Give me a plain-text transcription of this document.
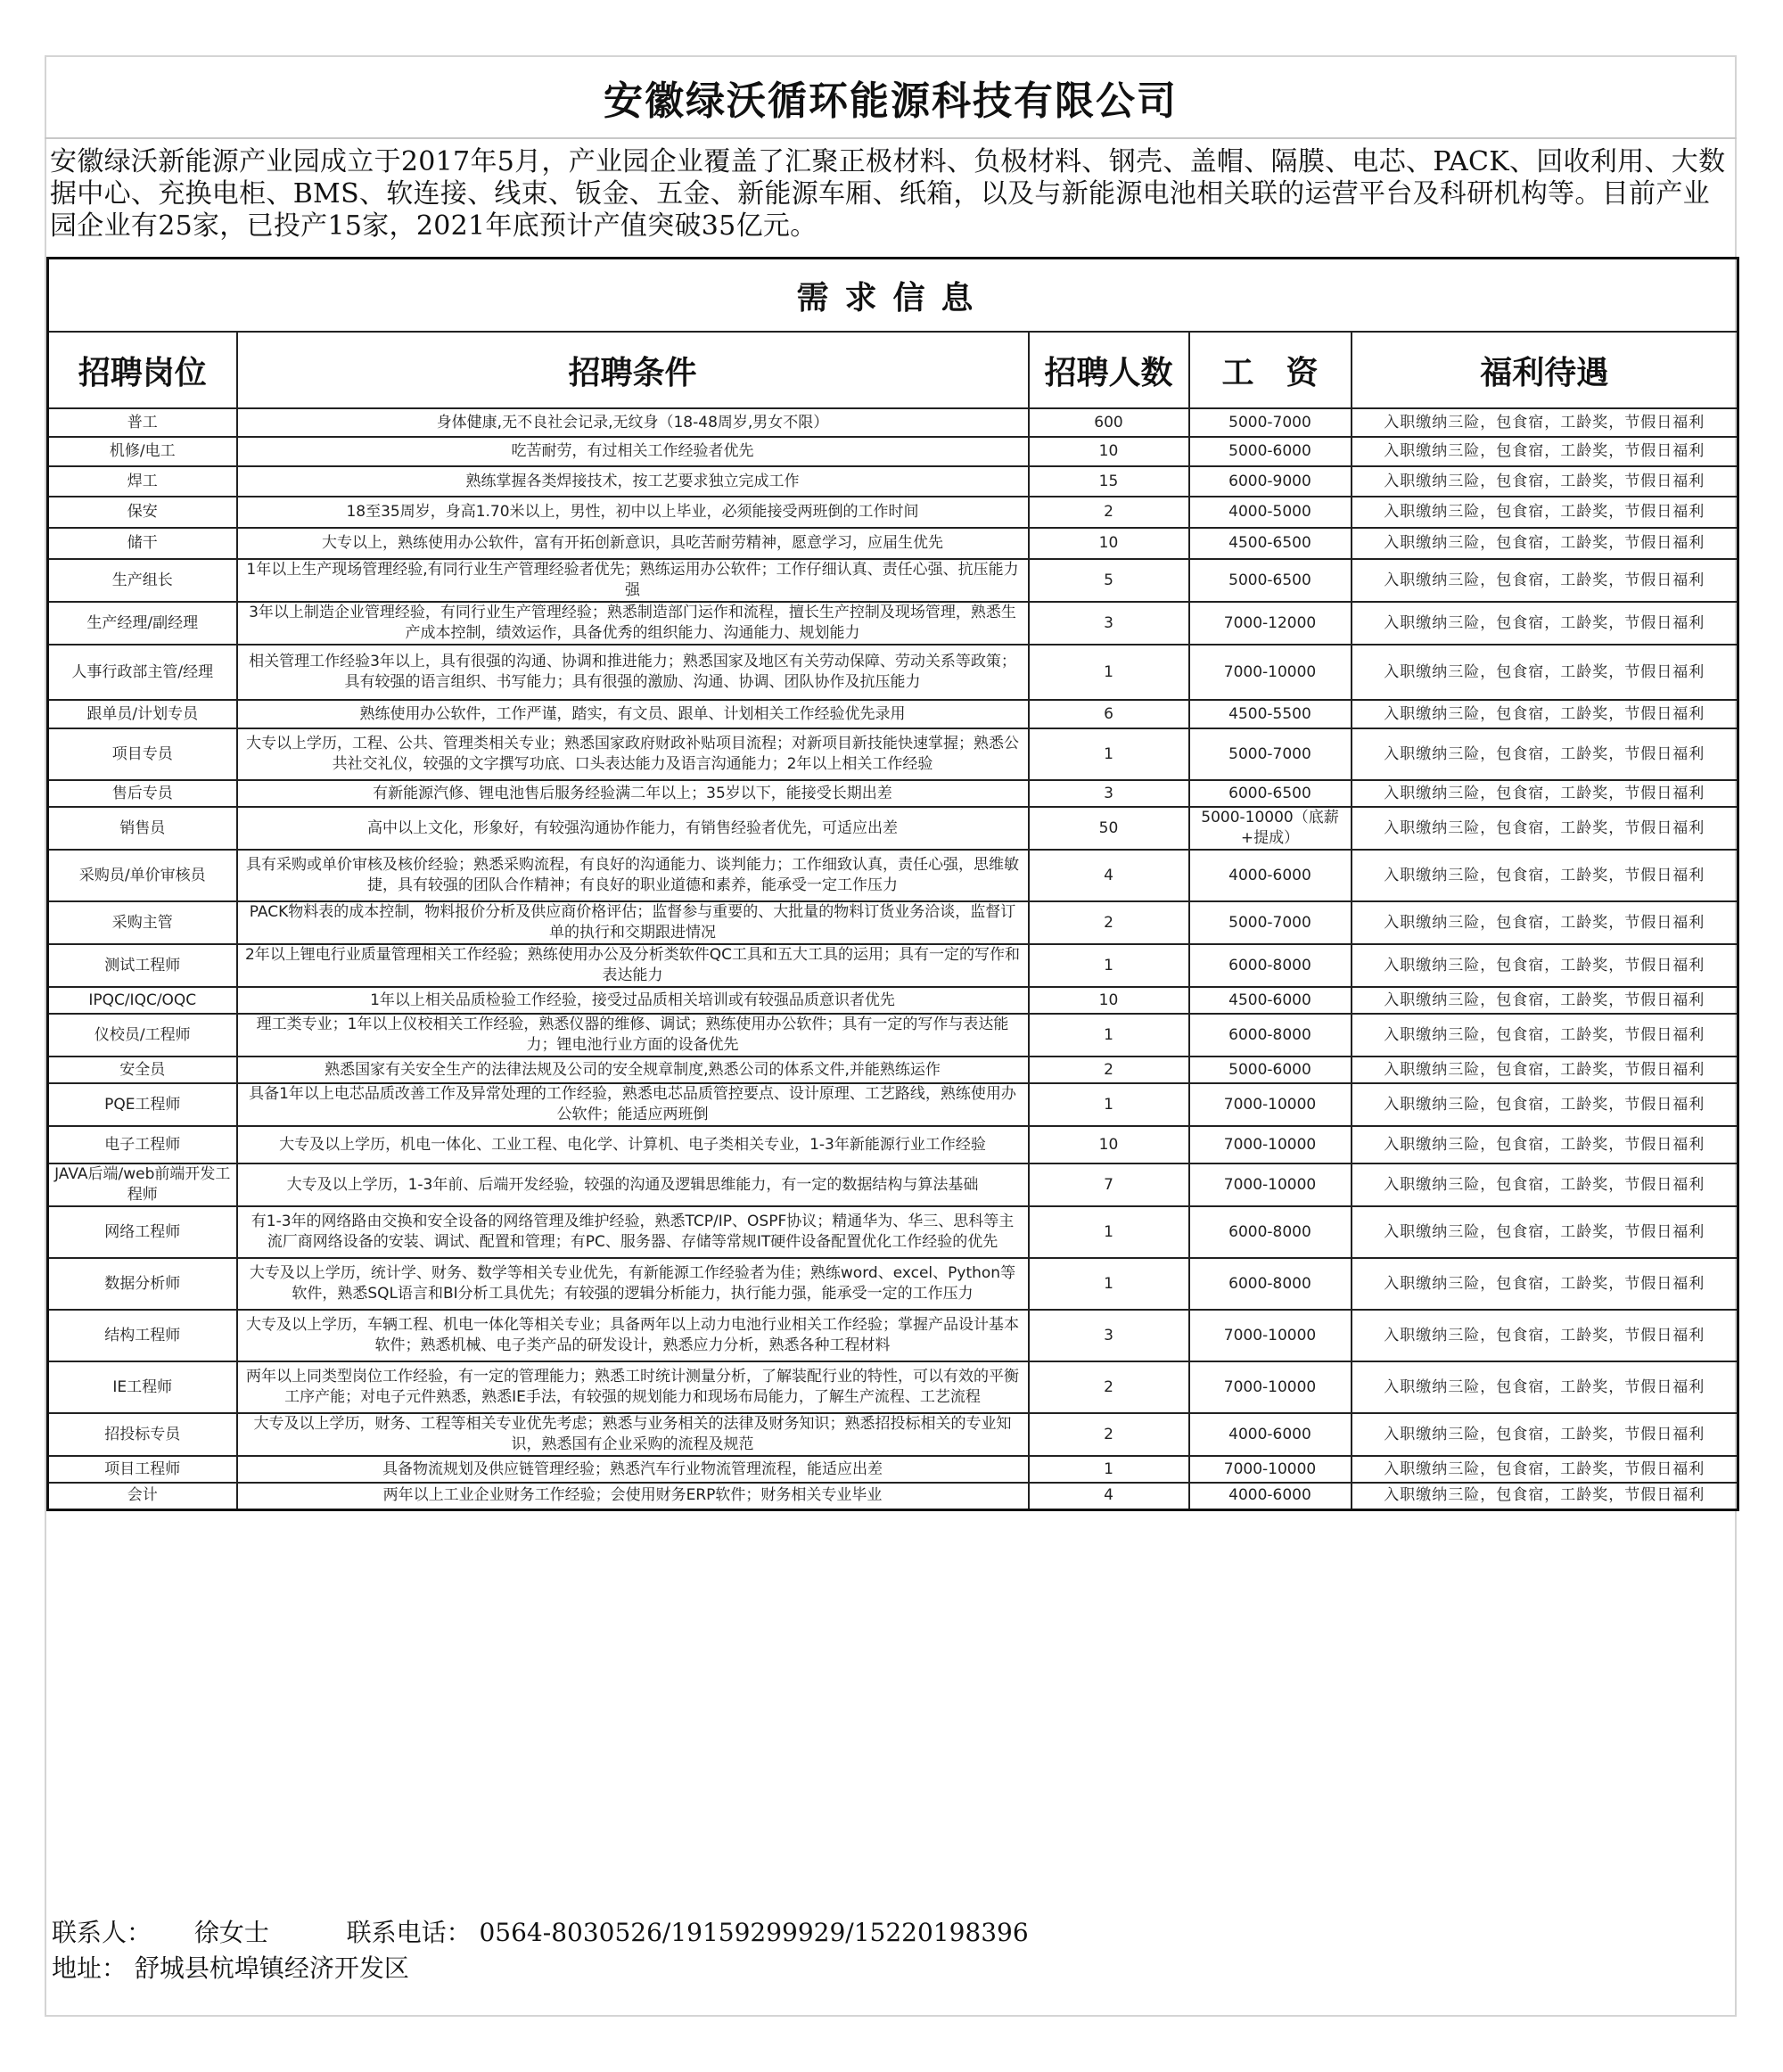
安徽绿沃循环能源科技有限公司
安徽绿沃新能源产业园成立于2017年5月，产业园企业覆盖了汇聚正极材料、负极材料、钢壳、盖帽、隔膜、电芯、PACK、回收利用、大数据中心、充换电柜、BMS、软连接、线束、钣金、五金、新能源车厢、纸箱，以及与新能源电池相关联的运营平台及科研机构等。目前产业园企业有25家，已投产15家，2021年底预计产值突破35亿元。
需求信息				
招聘岗位	招聘条件	招聘人数	工　资	福利待遇
普工	身体健康,无不良社会记录,无纹身（18-48周岁,男女不限）	600	5000-7000	入职缴纳三险，包食宿，工龄奖，节假日福利
机修/电工	吃苦耐劳，有过相关工作经验者优先	10	5000-6000	入职缴纳三险，包食宿，工龄奖，节假日福利
焊工	熟练掌握各类焊接技术，按工艺要求独立完成工作	15	6000-9000	入职缴纳三险，包食宿，工龄奖，节假日福利
保安	18至35周岁，身高1.70米以上，男性，初中以上毕业，必须能接受两班倒的工作时间	2	4000-5000	入职缴纳三险，包食宿，工龄奖，节假日福利
储干	大专以上，熟练使用办公软件，富有开拓创新意识，具吃苦耐劳精神，愿意学习，应届生优先	10	4500-6500	入职缴纳三险，包食宿，工龄奖，节假日福利
生产组长	1年以上生产现场管理经验,有同行业生产管理经验者优先；熟练运用办公软件；工作仔细认真、责任心强、抗压能力强	5	5000-6500	入职缴纳三险，包食宿，工龄奖，节假日福利
生产经理/副经理	3年以上制造企业管理经验，有同行业生产管理经验；熟悉制造部门运作和流程，擅长生产控制及现场管理，熟悉生产成本控制，绩效运作，具备优秀的组织能力、沟通能力、规划能力	3	7000-12000	入职缴纳三险，包食宿，工龄奖，节假日福利
人事行政部主管/经理	相关管理工作经验3年以上，具有很强的沟通、协调和推进能力；熟悉国家及地区有关劳动保障、劳动关系等政策；具有较强的语言组织、书写能力；具有很强的激励、沟通、协调、团队协作及抗压能力	1	7000-10000	入职缴纳三险，包食宿，工龄奖，节假日福利
跟单员/计划专员	熟练使用办公软件，工作严谨，踏实，有文员、跟单、计划相关工作经验优先录用	6	4500-5500	入职缴纳三险，包食宿，工龄奖，节假日福利
项目专员	大专以上学历，工程、公共、管理类相关专业；熟悉国家政府财政补贴项目流程；对新项目新技能快速掌握；熟悉公共社交礼仪，较强的文字撰写功底、口头表达能力及语言沟通能力；2年以上相关工作经验	1	5000-7000	入职缴纳三险，包食宿，工龄奖，节假日福利
售后专员	有新能源汽修、锂电池售后服务经验满二年以上；35岁以下，能接受长期出差	3	6000-6500	入职缴纳三险，包食宿，工龄奖，节假日福利
销售员	高中以上文化，形象好，有较强沟通协作能力，有销售经验者优先，可适应出差	50	5000-10000（底薪+提成）	入职缴纳三险，包食宿，工龄奖，节假日福利
采购员/单价审核员	具有采购或单价审核及核价经验；熟悉采购流程，有良好的沟通能力、谈判能力；工作细致认真，责任心强，思维敏捷，具有较强的团队合作精神；有良好的职业道德和素养，能承受一定工作压力	4	4000-6000	入职缴纳三险，包食宿，工龄奖，节假日福利
采购主管	PACK物料表的成本控制，物料报价分析及供应商价格评估；监督参与重要的、大批量的物料订货业务洽谈，监督订单的执行和交期跟进情况	2	5000-7000	入职缴纳三险，包食宿，工龄奖，节假日福利
测试工程师	2年以上锂电行业质量管理相关工作经验；熟练使用办公及分析类软件QC工具和五大工具的运用；具有一定的写作和表达能力	1	6000-8000	入职缴纳三险，包食宿，工龄奖，节假日福利
IPQC/IQC/OQC	1年以上相关品质检验工作经验，接受过品质相关培训或有较强品质意识者优先	10	4500-6000	入职缴纳三险，包食宿，工龄奖，节假日福利
仪校员/工程师	理工类专业；1年以上仪校相关工作经验，熟悉仪器的维修、调试；熟练使用办公软件；具有一定的写作与表达能力；锂电池行业方面的设备优先	1	6000-8000	入职缴纳三险，包食宿，工龄奖，节假日福利
安全员	熟悉国家有关安全生产的法律法规及公司的安全规章制度,熟悉公司的体系文件,并能熟练运作	2	5000-6000	入职缴纳三险，包食宿，工龄奖，节假日福利
PQE工程师	具备1年以上电芯品质改善工作及异常处理的工作经验，熟悉电芯品质管控要点、设计原理、工艺路线，熟练使用办公软件；能适应两班倒	1	7000-10000	入职缴纳三险，包食宿，工龄奖，节假日福利
电子工程师	大专及以上学历，机电一体化、工业工程、电化学、计算机、电子类相关专业，1-3年新能源行业工作经验	10	7000-10000	入职缴纳三险，包食宿，工龄奖，节假日福利
JAVA后端/web前端开发工程师	大专及以上学历，1-3年前、后端开发经验，较强的沟通及逻辑思维能力，有一定的数据结构与算法基础	7	7000-10000	入职缴纳三险，包食宿，工龄奖，节假日福利
网络工程师	有1-3年的网络路由交换和安全设备的网络管理及维护经验，熟悉TCP/IP、OSPF协议；精通华为、华三、思科等主流厂商网络设备的安装、调试、配置和管理；有PC、服务器、存储等常规IT硬件设备配置优化工作经验的优先	1	6000-8000	入职缴纳三险，包食宿，工龄奖，节假日福利
数据分析师	大专及以上学历，统计学、财务、数学等相关专业优先，有新能源工作经验者为佳；熟练word、excel、Python等软件，熟悉SQL语言和BI分析工具优先；有较强的逻辑分析能力，执行能力强，能承受一定的工作压力	1	6000-8000	入职缴纳三险，包食宿，工龄奖，节假日福利
结构工程师	大专及以上学历，车辆工程、机电一体化等相关专业；具备两年以上动力电池行业相关工作经验；掌握产品设计基本软件；熟悉机械、电子类产品的研发设计，熟悉应力分析，熟悉各种工程材料	3	7000-10000	入职缴纳三险，包食宿，工龄奖，节假日福利
IE工程师	两年以上同类型岗位工作经验，有一定的管理能力；熟悉工时统计测量分析，了解装配行业的特性，可以有效的平衡工序产能；对电子元件熟悉，熟悉IE手法，有较强的规划能力和现场布局能力，了解生产流程、工艺流程	2	7000-10000	入职缴纳三险，包食宿，工龄奖，节假日福利
招投标专员	大专及以上学历，财务、工程等相关专业优先考虑；熟悉与业务相关的法律及财务知识；熟悉招投标相关的专业知识，熟悉国有企业采购的流程及规范	2	4000-6000	入职缴纳三险，包食宿，工龄奖，节假日福利
项目工程师	具备物流规划及供应链管理经验；熟悉汽车行业物流管理流程，能适应出差	1	7000-10000	入职缴纳三险，包食宿，工龄奖，节假日福利
会计	两年以上工业企业财务工作经验；会使用财务ERP软件；财务相关专业毕业	4	4000-6000	入职缴纳三险，包食宿，工龄奖，节假日福利
联系人： 徐女士	联系电话： 0564-8030526/19159299929/15220198396
地址： 舒城县杭埠镇经济开发区
